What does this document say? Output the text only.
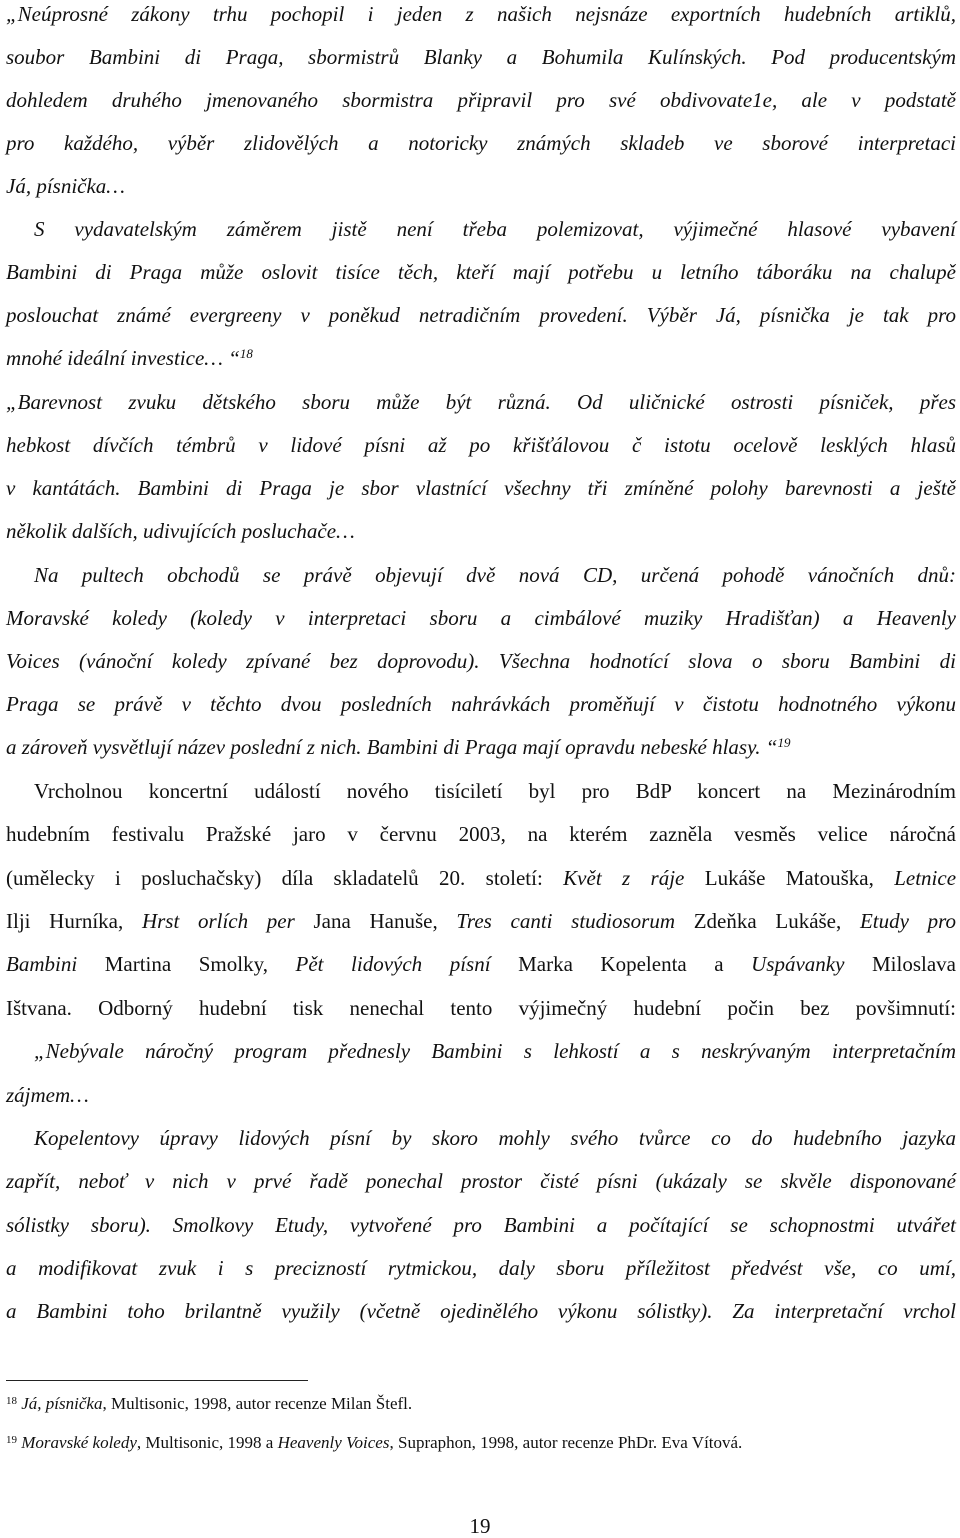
„Neúprosné zákony trhu pochopil i jeden z našich nejsnáze exportních hudebních artiklů,
soubor Bambini di Praga, sbormistrů Blanky a Bohumila Kulínských. Pod producentským
dohledem druhého jmenovaného sbormistra připravil pro své obdivovate1e, ale v podstatě
pro každého, výběr zlidovělých a notoricky známých skladeb ve sborové interpretaci
Já, písnička…
S vydavatelským záměrem jistě není třeba polemizovat, výjimečné hlasové vybavení
Bambini di Praga může oslovit tisíce těch, kteří mají potřebu u letního táboráku na chalupě
poslouchat známé evergreeny v poněkud netradičním provedení. Výběr Já, písnička je tak pro
mnohé ideální investice… “$^{18}$
„Barevnost zvuku dětského sboru může být různá. Od uličnické ostrosti písniček, přes
hebkost dívčích témbrů v lidové písni až po křišťálovou č istotu ocelově lesklých hlasů
v kantátách. Bambini di Praga je sbor vlastnící všechny tři zmíněné polohy barevnosti a ještě
několik dalších, udivujících posluchače…
Na pultech obchodů se právě objevují dvě nová CD, určená pohodě vánočních dnů:
Moravské koledy (koledy v interpretaci sboru a cimbálové muziky Hradišťan) a Heavenly
Voices (vánoční koledy zpívané bez doprovodu). Všechna hodnotící slova o sboru Bambini di
Praga se právě v těchto dvou posledních nahrávkách proměňují v čistotu hodnotného výkonu
a zároveň vysvětlují název poslední z nich. Bambini di Praga mají opravdu nebeské hlasy. “$^{19}$
Vrcholnou koncertní událostí nového tisíciletí byl pro BdP koncert na Mezinárodním
hudebním festivalu Pražské jaro v červnu 2003, na kterém zazněla vesměs velice náročná
(umělecky i posluchačsky) díla skladatelů 20. století: Květ z ráje Lukáše Matouška, Letnice
Ilji Hurníka, Hrst orlích per Jana Hanuše, Tres canti studiosorum Zdeňka Lukáše, Etudy pro
Bambini Martina Smolky, Pět lidových písní Marka Kopelenta a Uspávanky Miloslava
Ištvana. Odborný hudební tisk nenechal tento výjimečný hudební počin bez povšimnutí:
„Nebývale náročný program přednesly Bambini s lehkostí a s neskrývaným interpretačním
zájmem…
Kopelentovy úpravy lidových písní by skoro mohly svého tvůrce co do hudebního jazyka
zapřít, neboť v nich v prvé řadě ponechal prostor čisté písni (ukázaly se skvěle disponované
sólistky sboru). Smolkovy Etudy, vytvořené pro Bambini a počítající se schopnostmi utvářet
a modifikovat zvuk i s precizností rytmickou, daly sboru příležitost předvést vše, co umí,
a Bambini toho brilantně využily (včetně ojedinělého výkonu sólistky). Za interpretační vrchol
$^{18}$ Já, písnička, Multisonic, 1998, autor recenze Milan Štefl.
$^{19}$ Moravské koledy, Multisonic, 1998 a Heavenly Voices, Supraphon, 1998, autor recenze PhDr. Eva Vítová.
19
